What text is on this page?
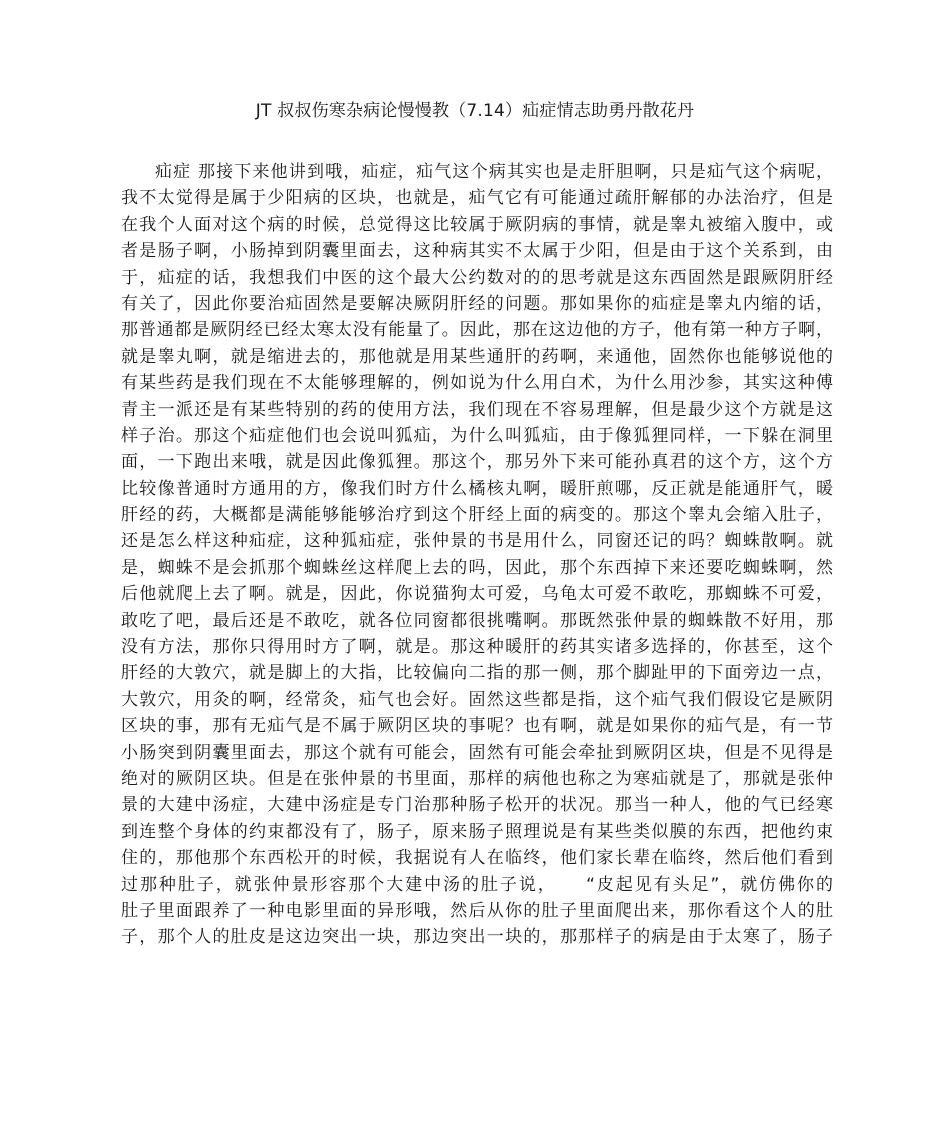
JT 叔叔伤寒杂病论慢慢教（7.14）疝症情志助勇丹散花丹
疝症 那接下来他讲到哦，疝症，疝气这个病其实也是走肝胆啊，只是疝气这个病呢，
我不太觉得是属于少阳病的区块，也就是，疝气它有可能通过疏肝解郁的办法治疗，但是
在我个人面对这个病的时候，总觉得这比较属于厥阴病的事情，就是睾丸被缩入腹中，或
者是肠子啊，小肠掉到阴囊里面去，这种病其实不太属于少阳，但是由于这个关系到，由
于，疝症的话，我想我们中医的这个最大公约数对的的思考就是这东西固然是跟厥阴肝经
有关了，因此你要治疝固然是要解决厥阴肝经的问题。那如果你的疝症是睾丸内缩的话，
那普通都是厥阴经已经太寒太没有能量了。因此，那在这边他的方子，他有第一种方子啊，
就是睾丸啊，就是缩进去的，那他就是用某些通肝的药啊，来通他，固然你也能够说他的
有某些药是我们现在不太能够理解的，例如说为什么用白术，为什么用沙参，其实这种傅
青主一派还是有某些特别的药的使用方法，我们现在不容易理解，但是最少这个方就是这
样子治。那这个疝症他们也会说叫狐疝，为什么叫狐疝，由于像狐狸同样，一下躲在洞里
面，一下跑出来哦，就是因此像狐狸。那这个，那另外下来可能孙真君的这个方，这个方
比较像普通时方通用的方，像我们时方什么橘核丸啊，暖肝煎哪，反正就是能通肝气，暖
肝经的药，大概都是满能够能够治疗到这个肝经上面的病变的。那这个睾丸会缩入肚子，
还是怎么样这种疝症，这种狐疝症，张仲景的书是用什么，同窗还记的吗？蜘蛛散啊。就
是，蜘蛛不是会抓那个蜘蛛丝这样爬上去的吗，因此，那个东西掉下来还要吃蜘蛛啊，然
后他就爬上去了啊。就是，因此，你说猫狗太可爱，乌龟太可爱不敢吃，那蜘蛛不可爱，
敢吃了吧，最后还是不敢吃，就各位同窗都很挑嘴啊。那既然张仲景的蜘蛛散不好用，那
没有方法，那你只得用时方了啊，就是。那这种暖肝的药其实诸多选择的，你甚至，这个
肝经的大敦穴，就是脚上的大指，比较偏向二指的那一侧，那个脚趾甲的下面旁边一点，
大敦穴，用灸的啊，经常灸，疝气也会好。固然这些都是指，这个疝气我们假设它是厥阴
区块的事，那有无疝气是不属于厥阴区块的事呢？也有啊，就是如果你的疝气是，有一节
小肠突到阴囊里面去，那这个就有可能会，固然有可能会牵扯到厥阴区块，但是不见得是
绝对的厥阴区块。但是在张仲景的书里面，那样的病他也称之为寒疝就是了，那就是张仲
景的大建中汤症，大建中汤症是专门治那种肠子松开的状况。那当一种人，他的气已经寒
到连整个身体的约束都没有了，肠子，原来肠子照理说是有某些类似膜的东西，把他约束
住的，那他那个东西松开的时候，我据说有人在临终，他们家长辈在临终，然后他们看到
过那种肚子，就张仲景形容那个大建中汤的肚子说，　　“皮起见有头足”，就仿佛你的
肚子里面跟养了一种电影里面的异形哦，然后从你的肚子里面爬出来，那你看这个人的肚
子，那个人的肚皮是这边突出一块，那边突出一块的，那那样子的病是由于太寒了，肠子
